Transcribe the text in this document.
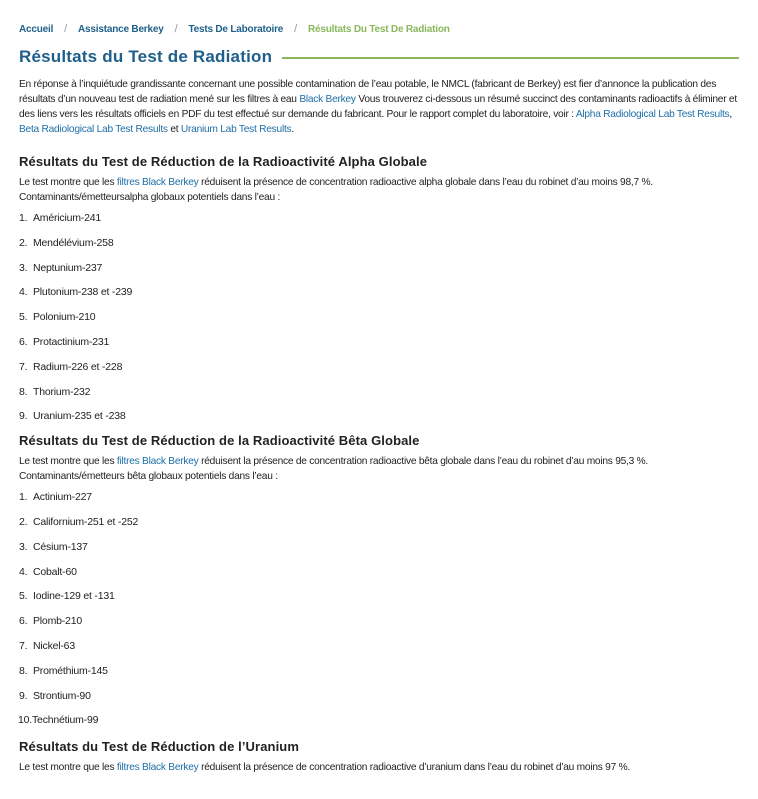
Accueil / Assistance Berkey / Tests De Laboratoire / Résultats Du Test De Radiation
Résultats du Test de Radiation

En réponse à l’inquiétude grandissante concernant une possible contamination de l’eau potable, le NMCL (fabricant de Berkey) est fier d’annonce la publication des résultats d’un nouveau test de radiation mené sur les filtres à eau Black Berkey Vous trouverez ci-dessous un résumé succinct des contaminants radioactifs à éliminer et des liens vers les résultats officiels en PDF du test effectué sur demande du fabricant. Pour le rapport complet du laboratoire, voir : Alpha Radiological Lab Test Results, Beta Radiological Lab Test Results et Uranium Lab Test Results.

Résultats du Test de Réduction de la Radioactivité Alpha Globale

Le test montre que les filtres Black Berkey réduisent la présence de concentration radioactive alpha globale dans l’eau du robinet d’au moins 98,7 %.
Contaminants/émetteursalpha globaux potentiels dans l’eau :

1. Américium-241
2. Mendélévium-258
3. Neptunium-237
4. Plutonium-238 et -239
5. Polonium-210
6. Protactinium-231
7. Radium-226 et -228
8. Thorium-232
9. Uranium-235 et -238
Résultats du Test de Réduction de la Radioactivité Bêta Globale

Le test montre que les filtres Black Berkey réduisent la présence de concentration radioactive bêta globale dans l’eau du robinet d’au moins 95,3 %.
Contaminants/émetteurs bêta globaux potentiels dans l’eau :

1. Actinium-227
2. Californium-251 et -252
3. Césium-137
4. Cobalt-60
5. Iodine-129 et -131
6. Plomb-210
7. Nickel-63
8. Prométhium-145
9. Strontium-90
10. Technétium-99
Résultats du Test de Réduction de l’Uranium

Le test montre que les filtres Black Berkey réduisent la présence de concentration radioactive d’uranium dans l’eau du robinet d’au moins 97 %.
